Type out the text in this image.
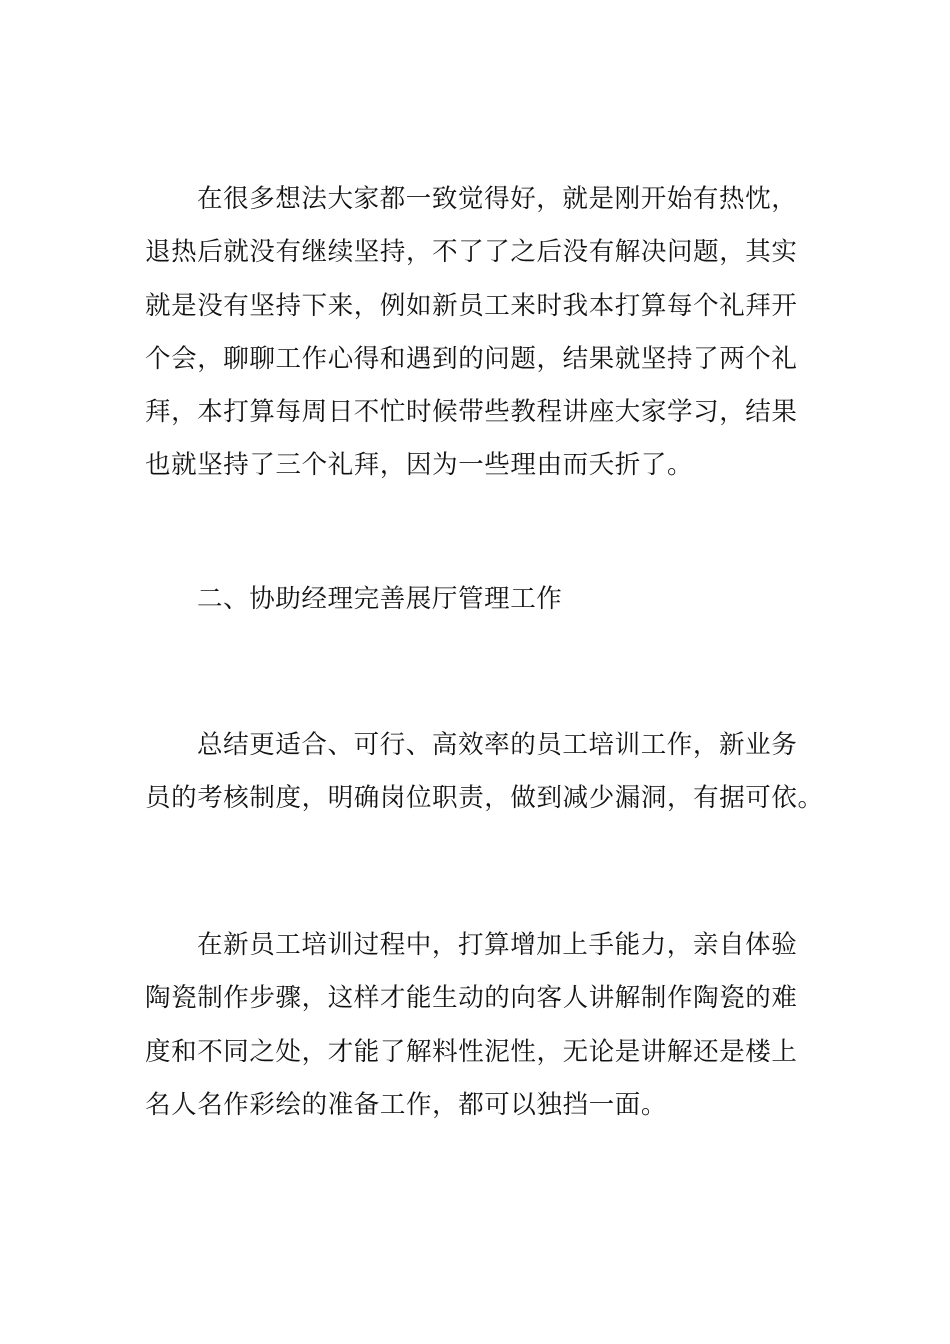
在很多想法大家都一致觉得好，就是刚开始有热忱，
退热后就没有继续坚持，不了了之后没有解决问题，其实
就是没有坚持下来，例如新员工来时我本打算每个礼拜开
个会，聊聊工作心得和遇到的问题，结果就坚持了两个礼
拜，本打算每周日不忙时候带些教程讲座大家学习，结果
也就坚持了三个礼拜，因为一些理由而夭折了。
二、协助经理完善展厅管理工作
总结更适合、可行、高效率的员工培训工作，新业务
员的考核制度，明确岗位职责，做到减少漏洞，有据可依。
在新员工培训过程中，打算增加上手能力，亲自体验
陶瓷制作步骤，这样才能生动的向客人讲解制作陶瓷的难
度和不同之处，才能了解料性泥性，无论是讲解还是楼上
名人名作彩绘的准备工作，都可以独挡一面。
